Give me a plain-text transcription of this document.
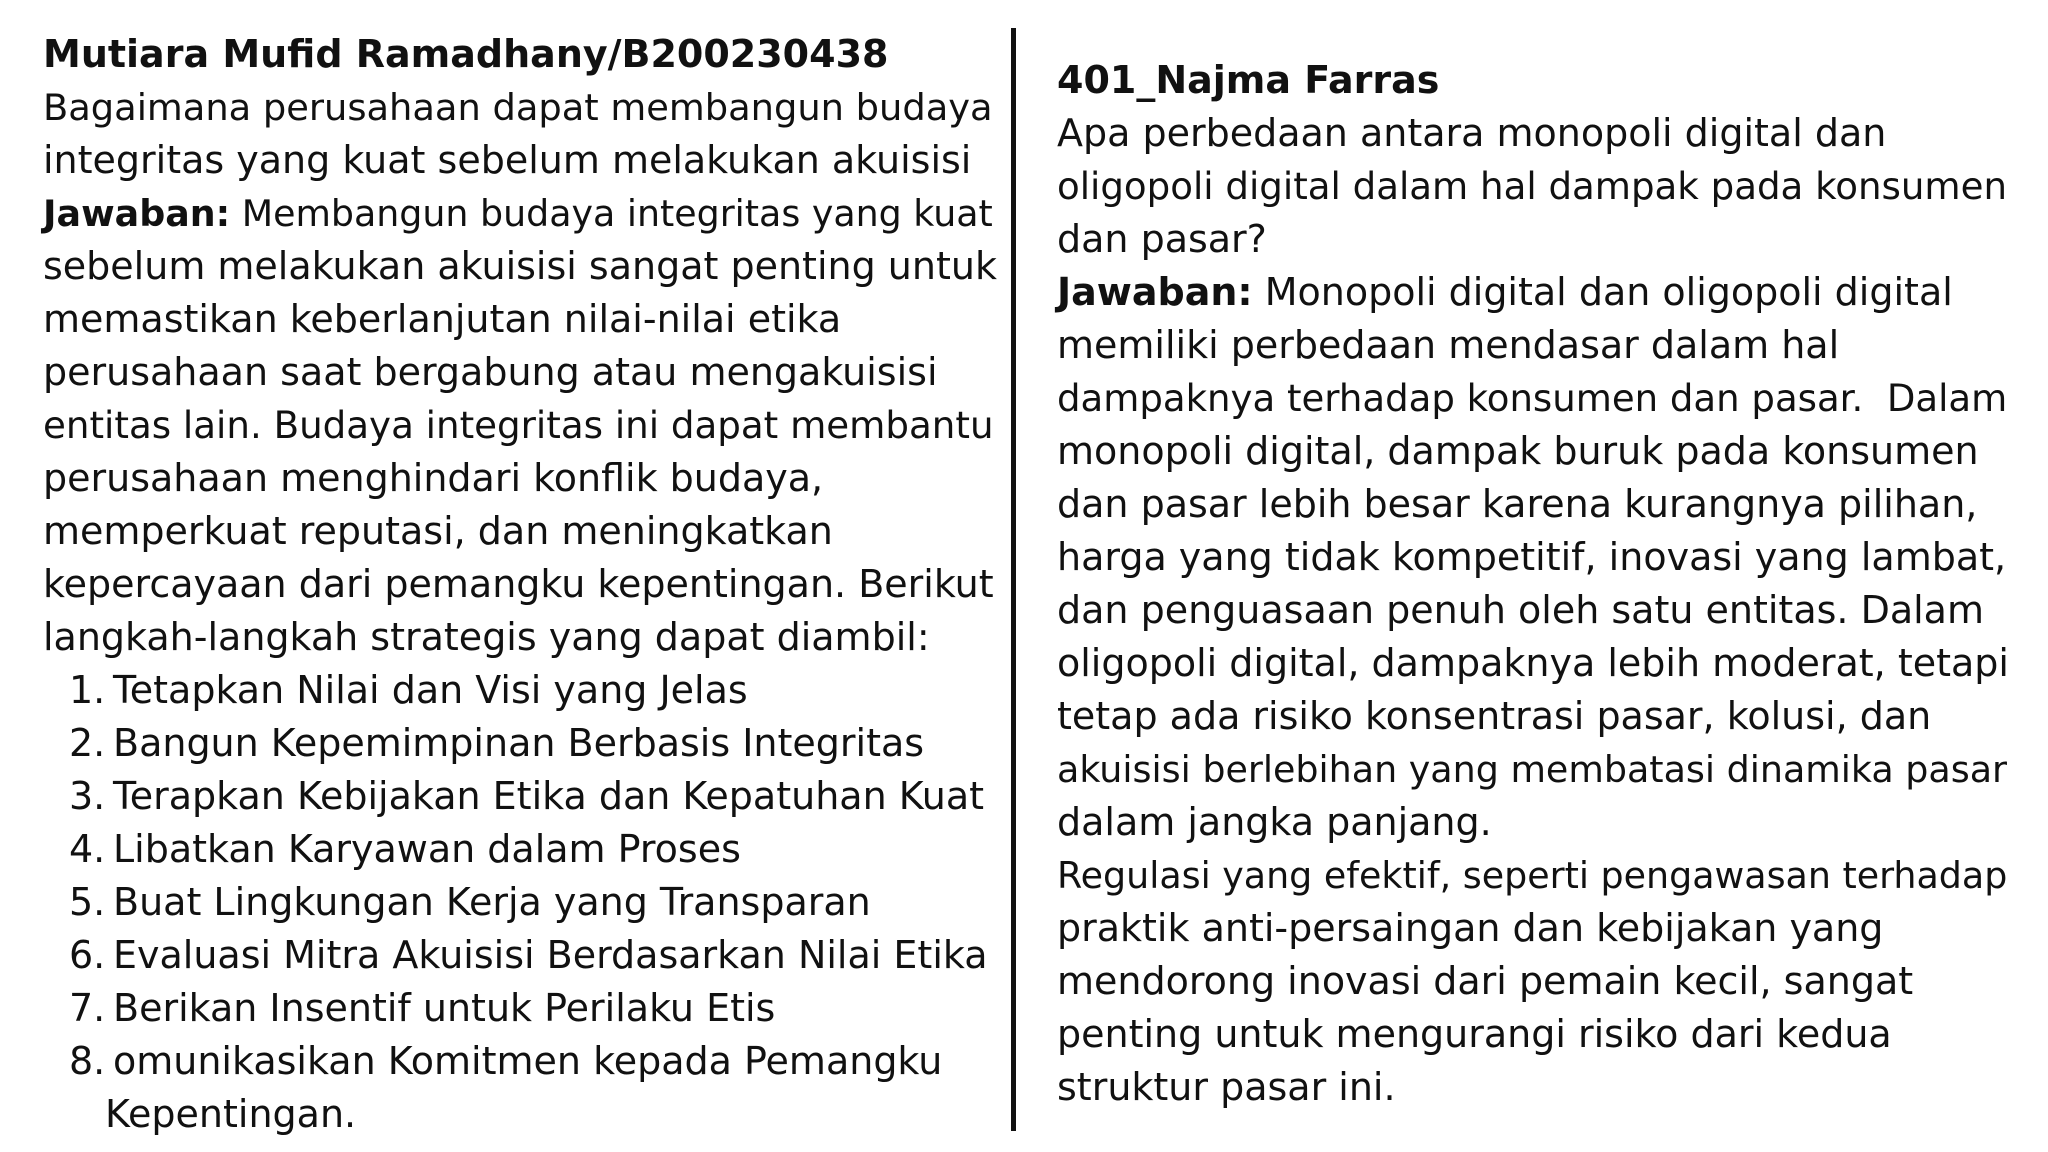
Mutiara Mufid Ramadhany/B200230438
Bagaimana perusahaan dapat membangun budaya
integritas yang kuat sebelum melakukan akuisisi
Jawaban: Membangun budaya integritas yang kuat
sebelum melakukan akuisisi sangat penting untuk
memastikan keberlanjutan nilai-nilai etika
perusahaan saat bergabung atau mengakuisisi
entitas lain. Budaya integritas ini dapat membantu
perusahaan menghindari konflik budaya,
memperkuat reputasi, dan meningkatkan
kepercayaan dari pemangku kepentingan. Berikut
langkah-langkah strategis yang dapat diambil:
1. Tetapkan Nilai dan Visi yang Jelas
2. Bangun Kepemimpinan Berbasis Integritas
3. Terapkan Kebijakan Etika dan Kepatuhan Kuat
4. Libatkan Karyawan dalam Proses
5. Buat Lingkungan Kerja yang Transparan
6. Evaluasi Mitra Akuisisi Berdasarkan Nilai Etika
7. Berikan Insentif untuk Perilaku Etis
8. omunikasikan Komitmen kepada Pemangku
Kepentingan.
401_Najma Farras
Apa perbedaan antara monopoli digital dan
oligopoli digital dalam hal dampak pada konsumen
dan pasar?
Jawaban: Monopoli digital dan oligopoli digital
memiliki perbedaan mendasar dalam hal
dampaknya terhadap konsumen dan pasar.  Dalam
monopoli digital, dampak buruk pada konsumen
dan pasar lebih besar karena kurangnya pilihan,
harga yang tidak kompetitif, inovasi yang lambat,
dan penguasaan penuh oleh satu entitas. Dalam
oligopoli digital, dampaknya lebih moderat, tetapi
tetap ada risiko konsentrasi pasar, kolusi, dan
akuisisi berlebihan yang membatasi dinamika pasar
dalam jangka panjang.
Regulasi yang efektif, seperti pengawasan terhadap
praktik anti-persaingan dan kebijakan yang
mendorong inovasi dari pemain kecil, sangat
penting untuk mengurangi risiko dari kedua
struktur pasar ini.
